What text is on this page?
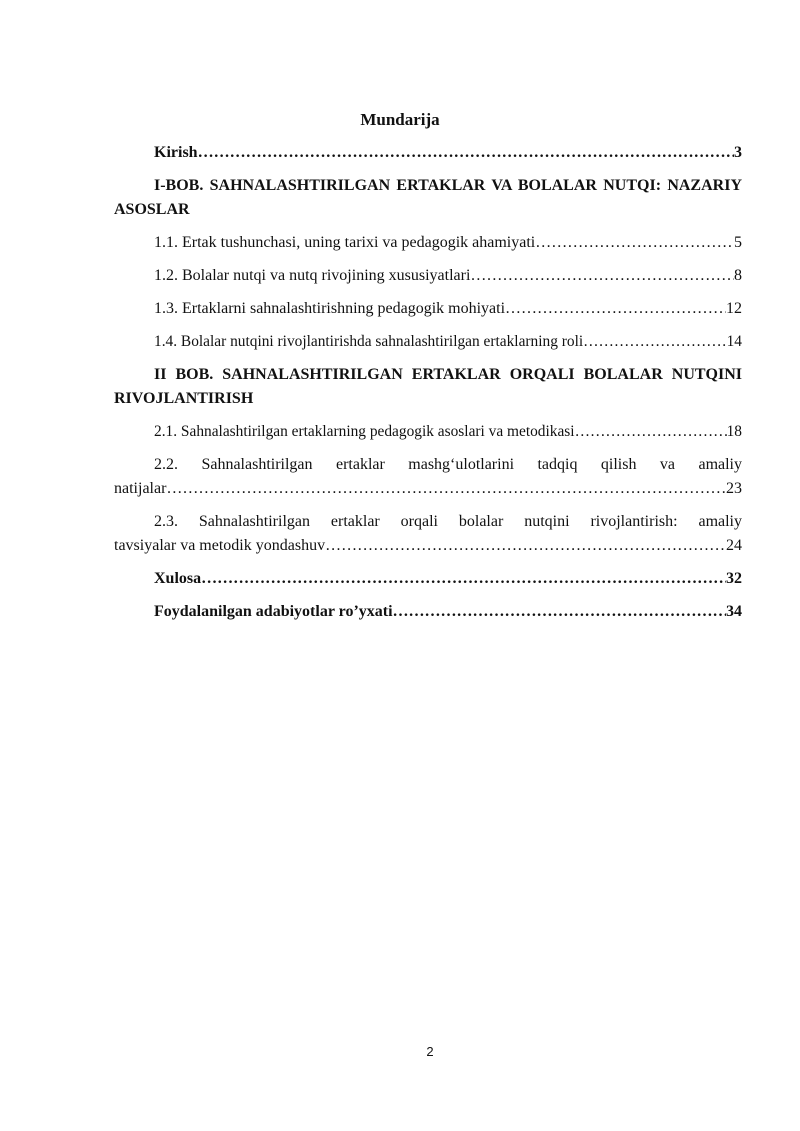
Mundarija
Kirish ……………………………………………………………………………………………………………………………………………………………………………………………………………	3
I-BOB. SAHNALASHTIRILGAN ERTAKLAR VA BOLALAR NUTQI: NAZARIY ASOSLAR
1.1. Ertak tushunchasi, uning tarixi va pedagogik ahamiyati ……………………………………………………………………………………………………………………………………………………………………………………………………………	5
1.2. Bolalar nutqi va nutq rivojining xususiyatlari ……………………………………………………………………………………………………………………………………………………………………………………………………………	8
1.3. Ertaklarni sahnalashtirishning pedagogik mohiyati ……………………………………………………………………………………………………………………………………………………………………………………………………………	12
1.4. Bolalar nutqini rivojlantirishda sahnalashtirilgan ertaklarning roli ……………………………………………………………………………………………………………………………………………………………………………………………………………	14
II BOB. SAHNALASHTIRILGAN ERTAKLAR ORQALI BOLALAR NUTQINI RIVOJLANTIRISH
2.1. Sahnalashtirilgan ertaklarning pedagogik asoslari va metodikasi ……………………………………………………………………………………………………………………………………………………………………………………………………………	18
2.2. Sahnalashtirilgan ertaklar mashg‘ulotlarini tadqiq qilish va amaliy
natijalar ……………………………………………………………………………………………………………………………………………………………………………………………………………	23
2.3. Sahnalashtirilgan ertaklar orqali bolalar nutqini rivojlantirish: amaliy
tavsiyalar va metodik yondashuv ……………………………………………………………………………………………………………………………………………………………………………………………………………	24
Xulosa ……………………………………………………………………………………………………………………………………………………………………………………………………………	32
Foydalanilgan adabiyotlar ro’yxati ……………………………………………………………………………………………………………………………………………………………………………………………………………	34
2
